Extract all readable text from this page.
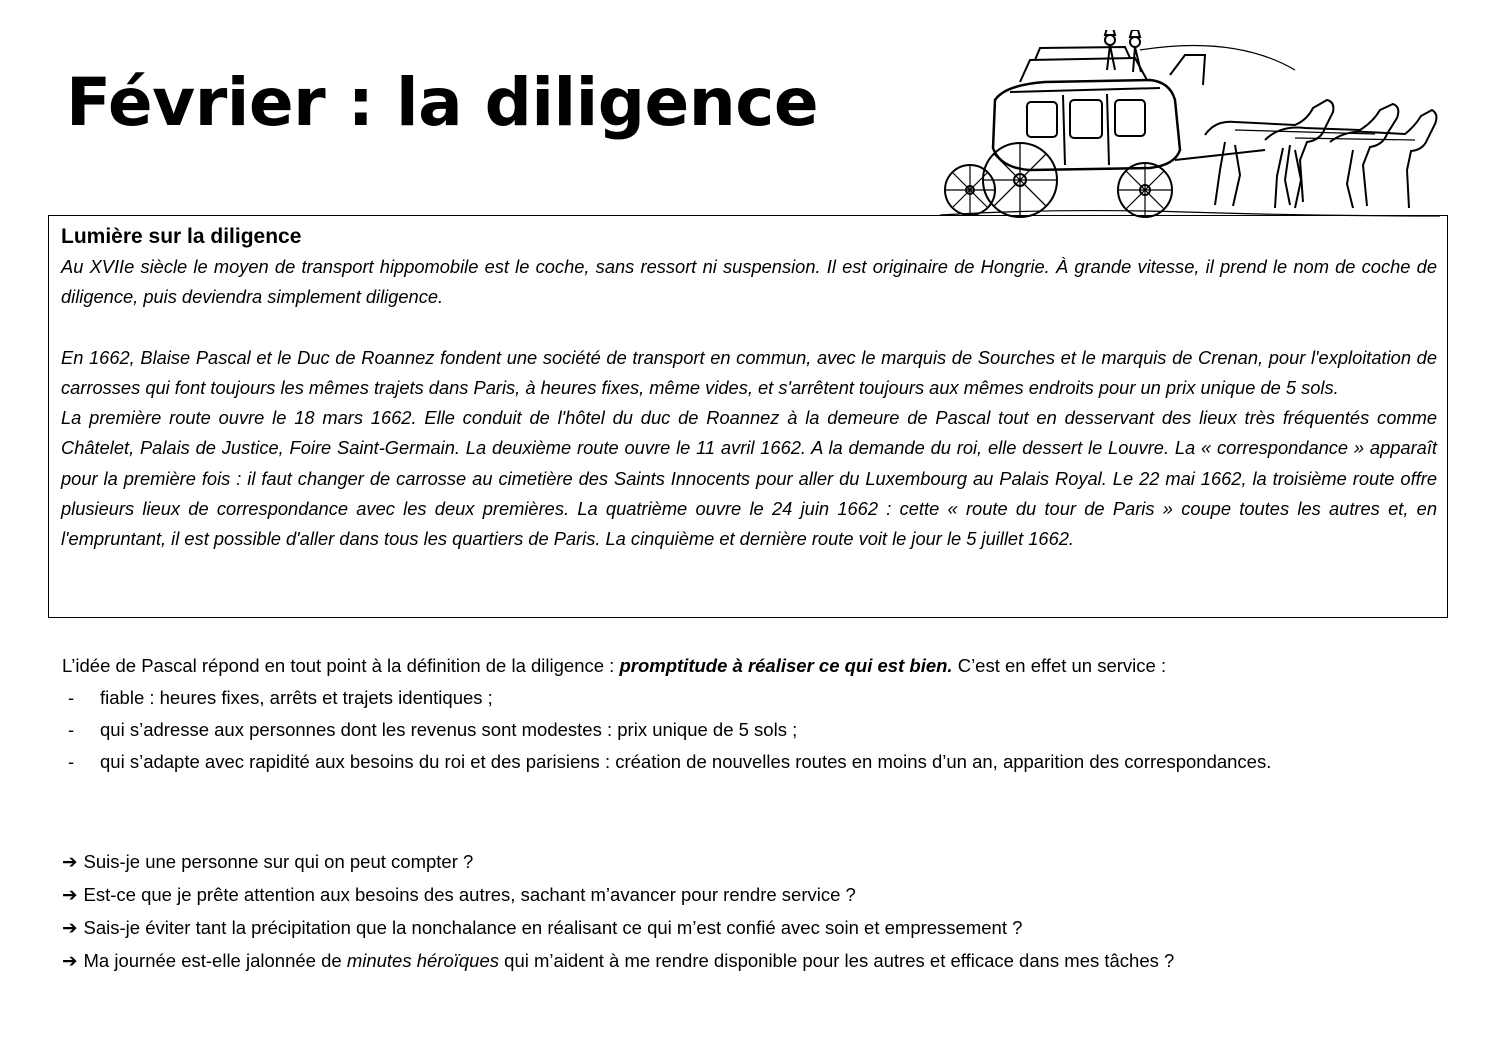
Février : la diligence

Lumière sur la diligence

Au XVIIe siècle le moyen de transport hippomobile est le coche, sans ressort ni suspension. Il est originaire de Hongrie. À grande vitesse, il prend le nom de coche de diligence, puis deviendra simplement diligence.

En 1662, Blaise Pascal et le Duc de Roannez fondent une société de transport en commun, avec le marquis de Sourches et le marquis de Crenan, pour l'exploitation de carrosses qui font toujours les mêmes trajets dans Paris, à heures fixes, même vides, et s'arrêtent toujours aux mêmes endroits pour un prix unique de 5 sols.

La première route ouvre le 18 mars 1662. Elle conduit de l'hôtel du duc de Roannez à la demeure de Pascal tout en desservant des lieux très fréquentés comme Châtelet, Palais de Justice, Foire Saint-Germain. La deuxième route ouvre le 11 avril 1662. A la demande du roi, elle dessert le Louvre. La « correspondance » apparaît pour la première fois : il faut changer de carrosse au cimetière des Saints Innocents pour aller du Luxembourg au Palais Royal. Le 22 mai 1662, la troisième route offre plusieurs lieux de correspondance avec les deux premières. La quatrième ouvre le 24 juin 1662 : cette « route du tour de Paris » coupe toutes les autres et, en l'empruntant, il est possible d'aller dans tous les quartiers de Paris. La cinquième et dernière route voit le jour le 5 juillet 1662.

L’idée de Pascal répond en tout point à la définition de la diligence : promptitude à réaliser ce qui est bien. C’est en effet un service :

- fiable : heures fixes, arrêts et trajets identiques ;
- qui s’adresse aux personnes dont les revenus sont modestes : prix unique de 5 sols ;
- qui s’adapte avec rapidité aux besoins du roi et des parisiens : création de nouvelles routes en moins d’un an, apparition des correspondances.

➔ Suis-je une personne sur qui on peut compter ?

➔ Est-ce que je prête attention aux besoins des autres, sachant m’avancer pour rendre service ?

➔ Sais-je éviter tant la précipitation que la nonchalance en réalisant ce qui m’est confié avec soin et empressement ?

➔ Ma journée est-elle jalonnée de minutes héroïques qui m’aident à me rendre disponible pour les autres et efficace dans mes tâches ?
